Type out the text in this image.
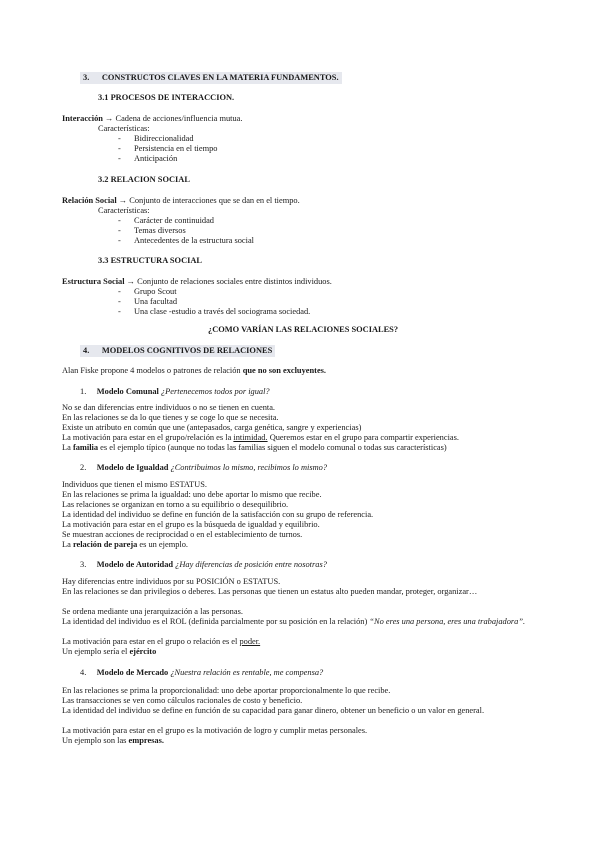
3. CONSTRUCTOS CLAVES EN LA MATERIA FUNDAMENTOS.
3.1 PROCESOS DE INTERACCION.
Interacción → Cadena de acciones/influencia mutua.
Características:
- Bidireccionalidad
- Persistencia en el tiempo
- Anticipación
3.2 RELACION SOCIAL
Relación Social → Conjunto de interacciones que se dan en el tiempo.
Características:
- Carácter de continuidad
- Temas diversos
- Antecedentes de la estructura social
3.3 ESTRUCTURA SOCIAL
Estructura Social → Conjunto de relaciones sociales entre distintos individuos.
- Grupo Scout
- Una facultad
- Una clase -estudio a través del sociograma sociedad.
¿COMO VARÍAN LAS RELACIONES SOCIALES?
4. MODELOS COGNITIVOS DE RELACIONES
Alan Fiske propone 4 modelos o patrones de relación que no son excluyentes.
1. Modelo Comunal ¿Pertenecemos todos por igual?
No se dan diferencias entre individuos o no se tienen en cuenta.
En las relaciones se da lo que tienes y se coge lo que se necesita.
Existe un atributo en común que une (antepasados, carga genética, sangre y experiencias)
La motivación para estar en el grupo/relación es la intimidad. Queremos estar en el grupo para compartir experiencias.
La familia es el ejemplo típico (aunque no todas las familias siguen el modelo comunal o todas sus características)
2. Modelo de Igualdad ¿Contribuimos lo mismo, recibimos lo mismo?
Individuos que tienen el mismo ESTATUS.
En las relaciones se prima la igualdad: uno debe aportar lo mismo que recibe.
Las relaciones se organizan en torno a su equilibrio o desequilibrio.
La identidad del individuo se define en función de la satisfacción con su grupo de referencia.
La motivación para estar en el grupo es la búsqueda de igualdad y equilibrio.
Se muestran acciones de reciprocidad o en el establecimiento de turnos.
La relación de pareja es un ejemplo.
3. Modelo de Autoridad ¿Hay diferencias de posición entre nosotras?
Hay diferencias entre individuos por su POSICIÓN o ESTATUS.
En las relaciones se dan privilegios o deberes. Las personas que tienen un estatus alto pueden mandar, proteger, organizar…
Se ordena mediante una jerarquización a las personas.
La identidad del individuo es el ROL (definida parcialmente por su posición en la relación) “No eres una persona, eres una trabajadora”.
La motivación para estar en el grupo o relación es el poder.
Un ejemplo sería el ejército
4. Modelo de Mercado ¿Nuestra relación es rentable, me compensa?
En las relaciones se prima la proporcionalidad: uno debe aportar proporcionalmente lo que recibe.
Las transacciones se ven como cálculos racionales de costo y beneficio.
La identidad del individuo se define en función de su capacidad para ganar dinero, obtener un beneficio o un valor en general.
La motivación para estar en el grupo es la motivación de logro y cumplir metas personales.
Un ejemplo son las empresas.
